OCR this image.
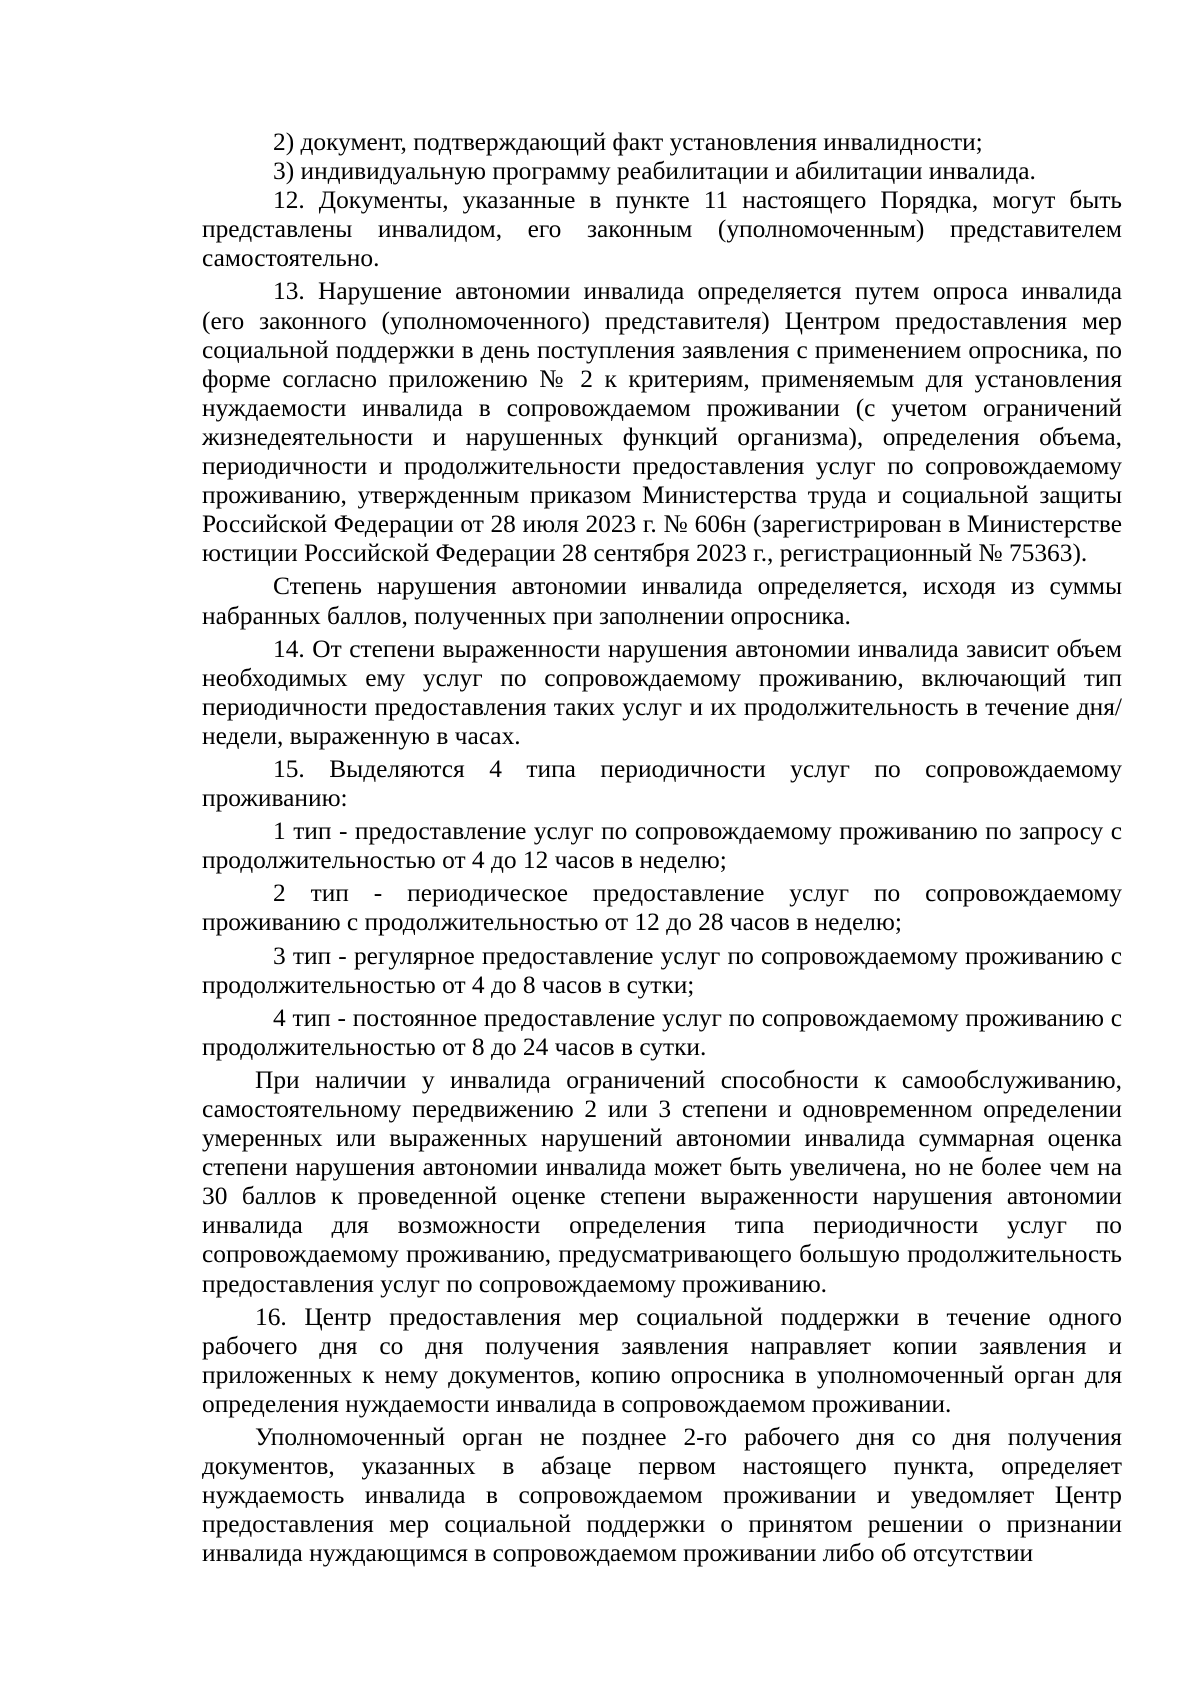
2) документ, подтверждающий факт установления инвалидности;

3) индивидуальную программу реабилитации и абилитации инвалида.

12. Документы, указанные в пункте 11 настоящего Порядка, могут быть представлены инвалидом, его законным (уполномоченным) представителем самостоятельно.

13. Нарушение автономии инвалида определяется путем опроса инвалида (его законного (уполномоченного) представителя) Центром предоставления мер социальной поддержки в день поступления заявления с применением опросника, по форме согласно приложению № 2 к критериям, применяемым для установления нуждаемости инвалида в сопровождаемом проживании (с учетом ограничений жизнедеятельности и нарушенных функций организма), определения объема, периодичности и продолжительности предоставления услуг по сопровождаемому проживанию, утвержденным приказом Министерства труда и социальной защиты Российской Федерации от 28 июля 2023 г. № 606н (зарегистрирован в Министерстве юстиции Российской Федерации 28 сентября 2023 г., регистрационный № 75363).

Степень нарушения автономии инвалида определяется, исходя из суммы набранных баллов, полученных при заполнении опросника.

14. От степени выраженности нарушения автономии инвалида зависит объем необходимых ему услуг по сопровождаемому проживанию, включающий тип периодичности предоставления таких услуг и их продолжительность в течение дня/недели, выраженную в часах.

15. Выделяются 4 типа периодичности услуг по сопровождаемому проживанию:

1 тип - предоставление услуг по сопровождаемому проживанию по запросу с продолжительностью от 4 до 12 часов в неделю;

2 тип - периодическое предоставление услуг по сопровождаемому проживанию с продолжительностью от 12 до 28 часов в неделю;

3 тип - регулярное предоставление услуг по сопровождаемому проживанию с продолжительностью от 4 до 8 часов в сутки;

4 тип - постоянное предоставление услуг по сопровождаемому проживанию с продолжительностью от 8 до 24 часов в сутки.

При наличии у инвалида ограничений способности к самообслуживанию, самостоятельному передвижению 2 или 3 степени и одновременном определении умеренных или выраженных нарушений автономии инвалида суммарная оценка степени нарушения автономии инвалида может быть увеличена, но не более чем на 30 баллов к проведенной оценке степени выраженности нарушения автономии инвалида для возможности определения типа периодичности услуг по сопровождаемому проживанию, предусматривающего большую продолжительность предоставления услуг по сопровождаемому проживанию.

16. Центр предоставления мер социальной поддержки в течение одного рабочего дня со дня получения заявления направляет копии заявления и приложенных к нему документов, копию опросника в уполномоченный орган для определения нуждаемости инвалида в сопровождаемом проживании.

Уполномоченный орган не позднее 2-го рабочего дня со дня получения документов, указанных в абзаце первом настоящего пункта, определяет нуждаемость инвалида в сопровождаемом проживании и уведомляет Центр предоставления мер социальной поддержки о принятом решении о признании инвалида нуждающимся в сопровождаемом проживании либо об отсутствии
